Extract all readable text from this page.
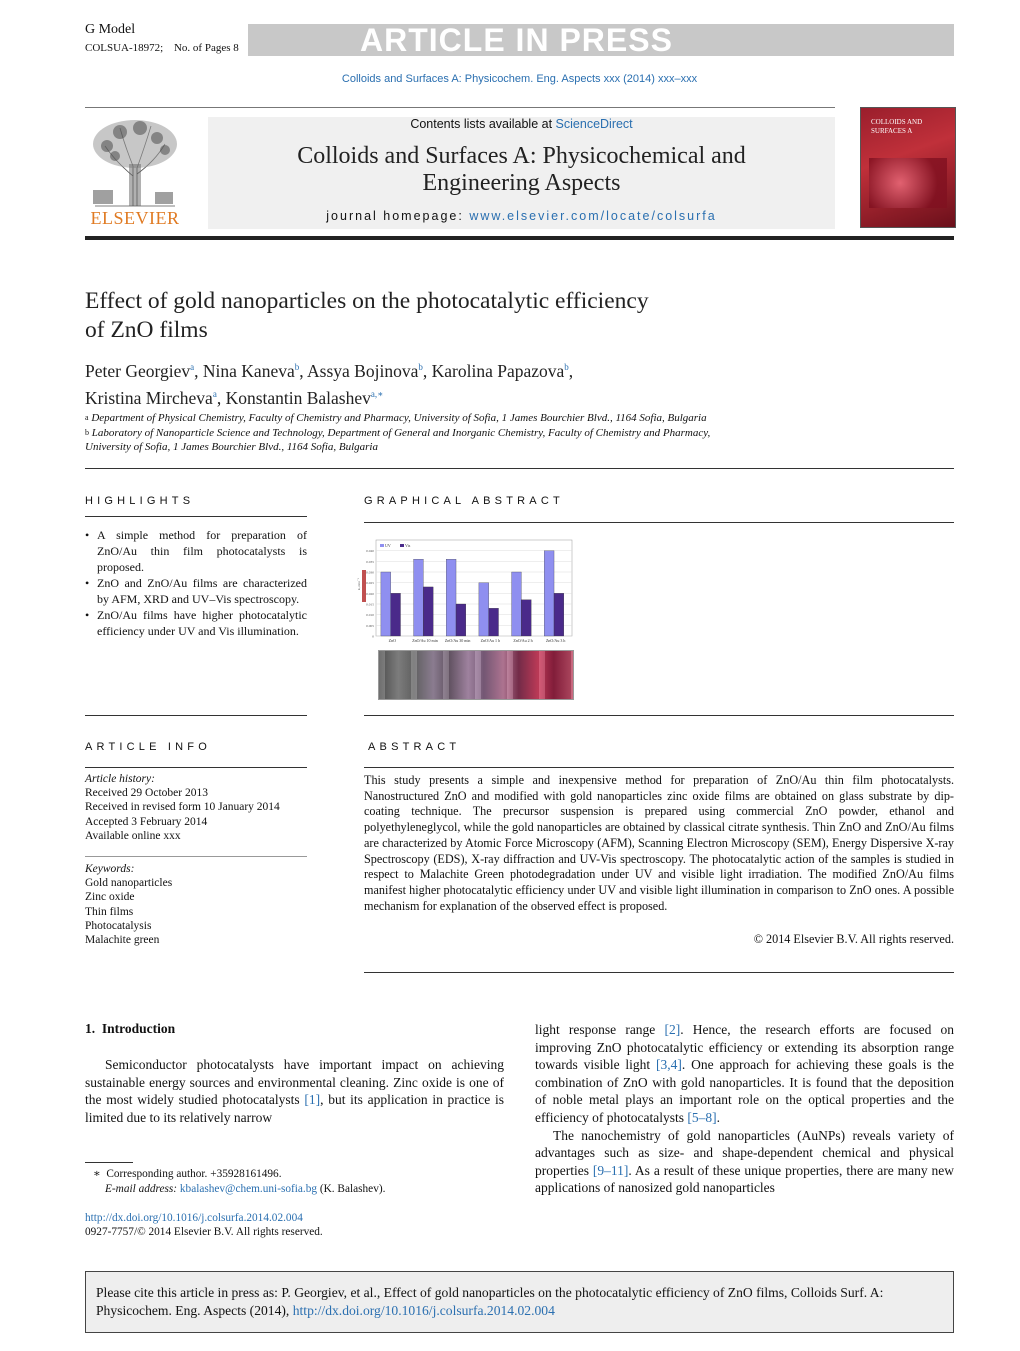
G Model
COLSUA-18972; No. of Pages 8	ARTICLE IN PRESS
Colloids and Surfaces A: Physicochem. Eng. Aspects xxx (2014) xxx–xxx
ELSEVIER
Contents lists available at ScienceDirect
Colloids and Surfaces A: Physicochemical and
Engineering Aspects
journal homepage: www.elsevier.com/locate/colsurfa
COLLOIDS AND
SURFACES A
Effect of gold nanoparticles on the photocatalytic efficiency
of ZnO films
Peter Georgiev$^a$, Nina Kaneva$^b$, Assya Bojinova$^b$, Karolina Papazova$^b$,
Kristina Mircheva$^a$, Konstantin Balashev$^{a,∗}$
$^a$ Department of Physical Chemistry, Faculty of Chemistry and Pharmacy, University of Sofia, 1 James Bourchier Blvd., 1164 Sofia, Bulgaria
$^b$ Laboratory of Nanoparticle Science and Technology, Department of General and Inorganic Chemistry, Faculty of Chemistry and Pharmacy,
University of Sofia, 1 James Bourchier Blvd., 1164 Sofia, Bulgaria
HIGHLIGHTS
• A simple method for preparation of ZnO/Au thin film photocatalysts is proposed.
• ZnO and ZnO/Au films are characterized by AFM, XRD and UV–Vis spectroscopy.
• ZnO/Au films have higher photocatalytic efficiency under UV and Vis illumination.
GRAPHICAL ABSTRACT
0
0.005
0.010
0.015
0.020
0.025
0.030
0.035
0.040
ZnO	ZnO/Au 10 min ZnO/Au 30 min	ZnO/Au 1 h	ZnO/Au 2 h	ZnO/Au 3 h
k, min⁻¹
UV	Vis
ARTICLE INFO
Article history:
Received 29 October 2013
Received in revised form 10 January 2014
Accepted 3 February 2014
Available online xxx
Keywords:
Gold nanoparticles
Zinc oxide
Thin films
Photocatalysis
Malachite green
ABSTRACT
This study presents a simple and inexpensive method for preparation of ZnO/Au thin film photocatalysts. Nanostructured ZnO and modified with gold nanoparticles zinc oxide films are obtained on glass substrate by dip-coating technique. The precursor suspension is prepared using commercial ZnO powder, ethanol and polyethyleneglycol, while the gold nanoparticles are obtained by classical citrate synthesis. Thin ZnO and ZnO/Au films are characterized by Atomic Force Microscopy (AFM), Scanning Electron Microscopy (SEM), Energy Dispersive X-ray Spectroscopy (EDS), X-ray diffraction and UV-Vis spectroscopy. The photocatalytic action of the samples is studied in respect to Malachite Green photodegradation under UV and visible light irradiation. The modified ZnO/Au films manifest higher photocatalytic efficiency under UV and visible light illumination in comparison to ZnO ones. A possible mechanism for explanation of the observed effect is proposed.
© 2014 Elsevier B.V. All rights reserved.
1. Introduction
Semiconductor photocatalysts have important impact on achieving sustainable energy sources and environmental cleaning. Zinc oxide is one of the most widely studied photocatalysts [1], but its application in practice is limited due to its relatively narrow
light response range [2]. Hence, the research efforts are focused on improving ZnO photocatalytic efficiency or extending its absorption range towards visible light [3,4]. One approach for achieving these goals is the combination of ZnO with gold nanoparticles. It is found that the deposition of noble metal plays an important role on the optical properties and the efficiency of photocatalysts [5–8].
The nanochemistry of gold nanoparticles (AuNPs) reveals variety of advantages such as size- and shape-dependent chemical and physical properties [9–11]. As a result of these unique properties, there are many new applications of nanosized gold nanoparticles
∗ Corresponding author. +35928161496.
E-mail address: kbalashev@chem.uni-sofia.bg (K. Balashev).
http://dx.doi.org/10.1016/j.colsurfa.2014.02.004
0927-7757/© 2014 Elsevier B.V. All rights reserved.
Please cite this article in press as: P. Georgiev, et al., Effect of gold nanoparticles on the photocatalytic efficiency of ZnO films, Colloids Surf. A: Physicochem. Eng. Aspects (2014), http://dx.doi.org/10.1016/j.colsurfa.2014.02.004
